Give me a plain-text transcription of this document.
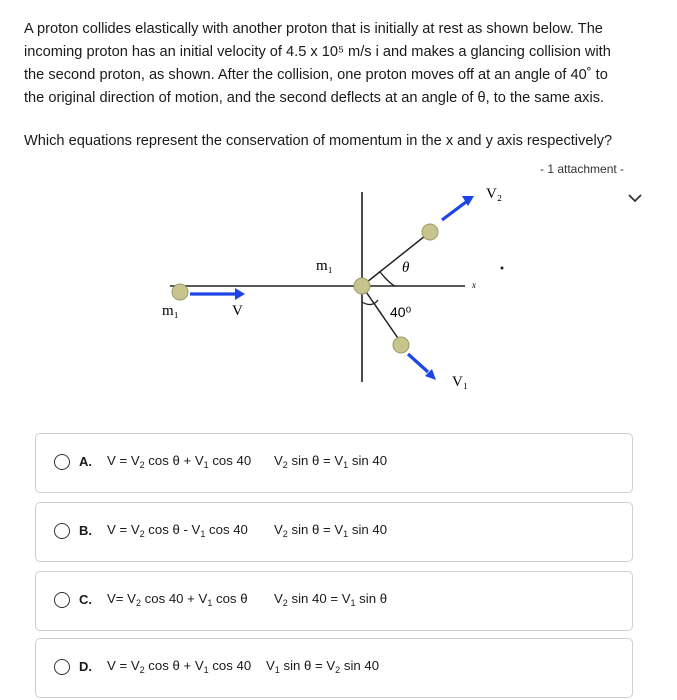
A proton collides elastically with another proton that is initially at rest as shown below. The
incoming proton has an initial velocity of 4.5 x 10⁵ m/s i and makes a glancing collision with
the second proton, as shown. After the collision, one proton moves off at an angle of 40˚ to
the original direction of motion, and the second deflects at an angle of θ, to the same axis.
Which equations represent the conservation of momentum in the x and y axis respectively?
- 1 attachment -
m₁	V
m₁	θ
40⁰
V₁
V₂
x
A. $V = V_2$ $\cos \theta + V_1$ cos 40 $V_2$ $\sin \theta = V_1$ sin 40
B. $V = V_2$ cos θ - $V_1$ cos 40 $V_2$ $\sin \theta = V_1$ sin 40
C. $V= V_2$ $\cos 40 + V_1$ cos θ $V_2$ $\sin 40 = V_1$ sin θ
D. $V = V_2$ $\cos \theta + V_1$ cos 40 $V_1$ $\sin \theta = V_2$ sin 40
